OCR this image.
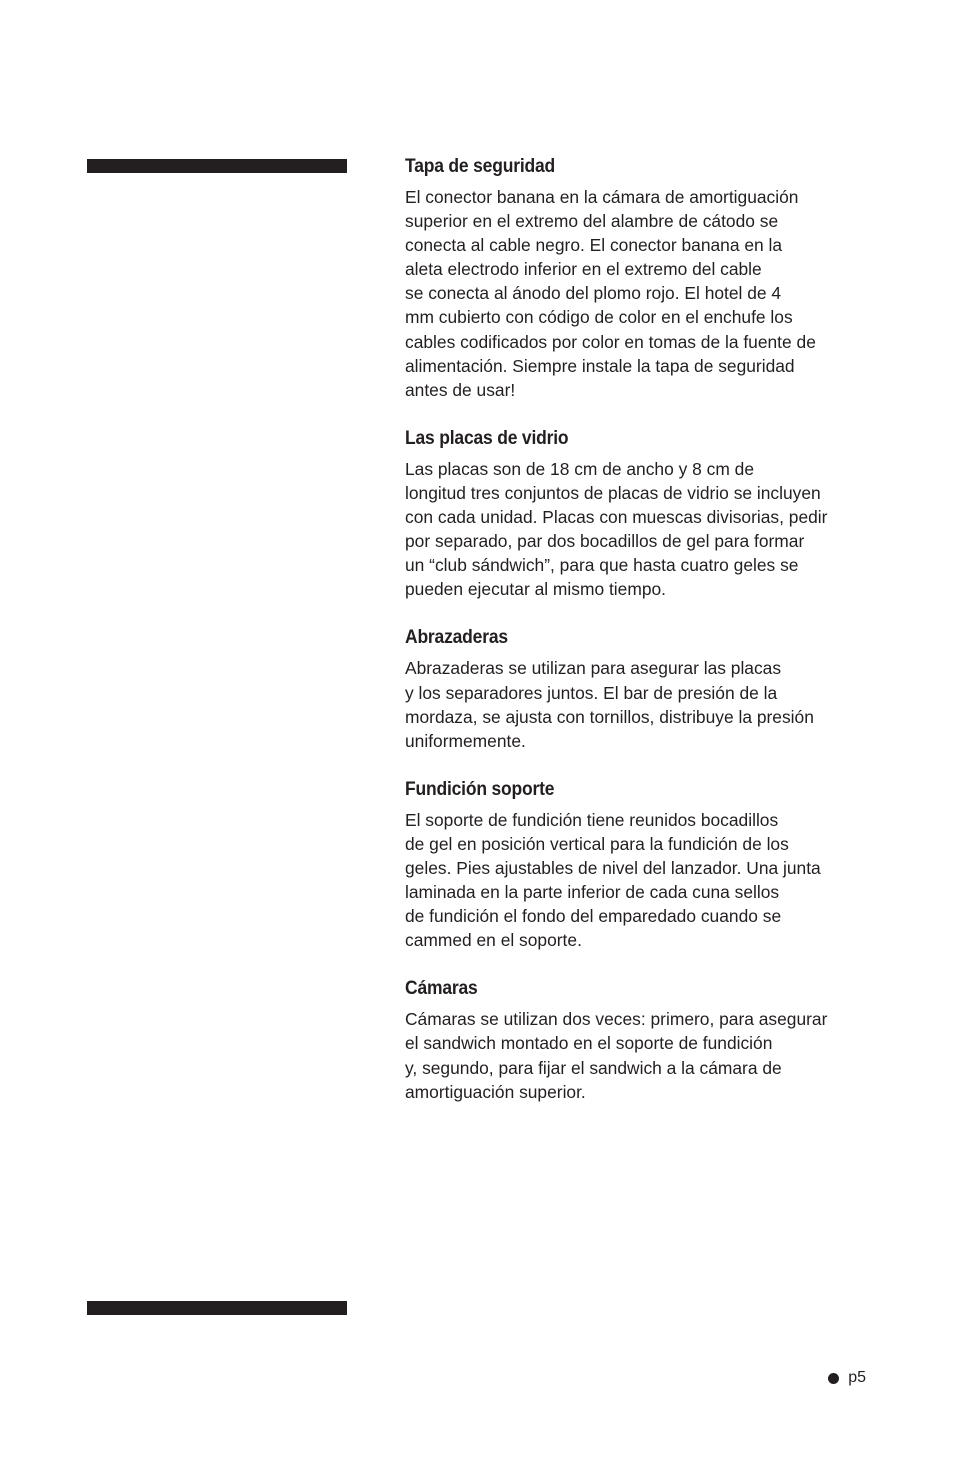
Tapa de seguridad

El conector banana en la cámara de amortiguación
superior en el extremo del alambre de cátodo se
conecta al cable negro. El conector banana en la
aleta electrodo inferior en el extremo del cable
se conecta al ánodo del plomo rojo. El hotel de 4
mm cubierto con código de color en el enchufe los
cables codificados por color en tomas de la fuente de
alimentación. Siempre instale la tapa de seguridad
antes de usar!

Las placas de vidrio

Las placas son de 18 cm de ancho y 8 cm de
longitud tres conjuntos de placas de vidrio se incluyen
con cada unidad. Placas con muescas divisorias, pedir
por separado, par dos bocadillos de gel para formar
un “club sándwich”, para que hasta cuatro geles se
pueden ejecutar al mismo tiempo.

Abrazaderas

Abrazaderas se utilizan para asegurar las placas
y los separadores juntos. El bar de presión de la
mordaza, se ajusta con tornillos, distribuye la presión
uniformemente.

Fundición soporte

El soporte de fundición tiene reunidos bocadillos
de gel en posición vertical para la fundición de los
geles. Pies ajustables de nivel del lanzador. Una junta
laminada en la parte inferior de cada cuna sellos
de fundición el fondo del emparedado cuando se
cammed en el soporte.

Cámaras

Cámaras se utilizan dos veces: primero, para asegurar
el sandwich montado en el soporte de fundición
y, segundo, para fijar el sandwich a la cámara de
amortiguación superior.

p5
